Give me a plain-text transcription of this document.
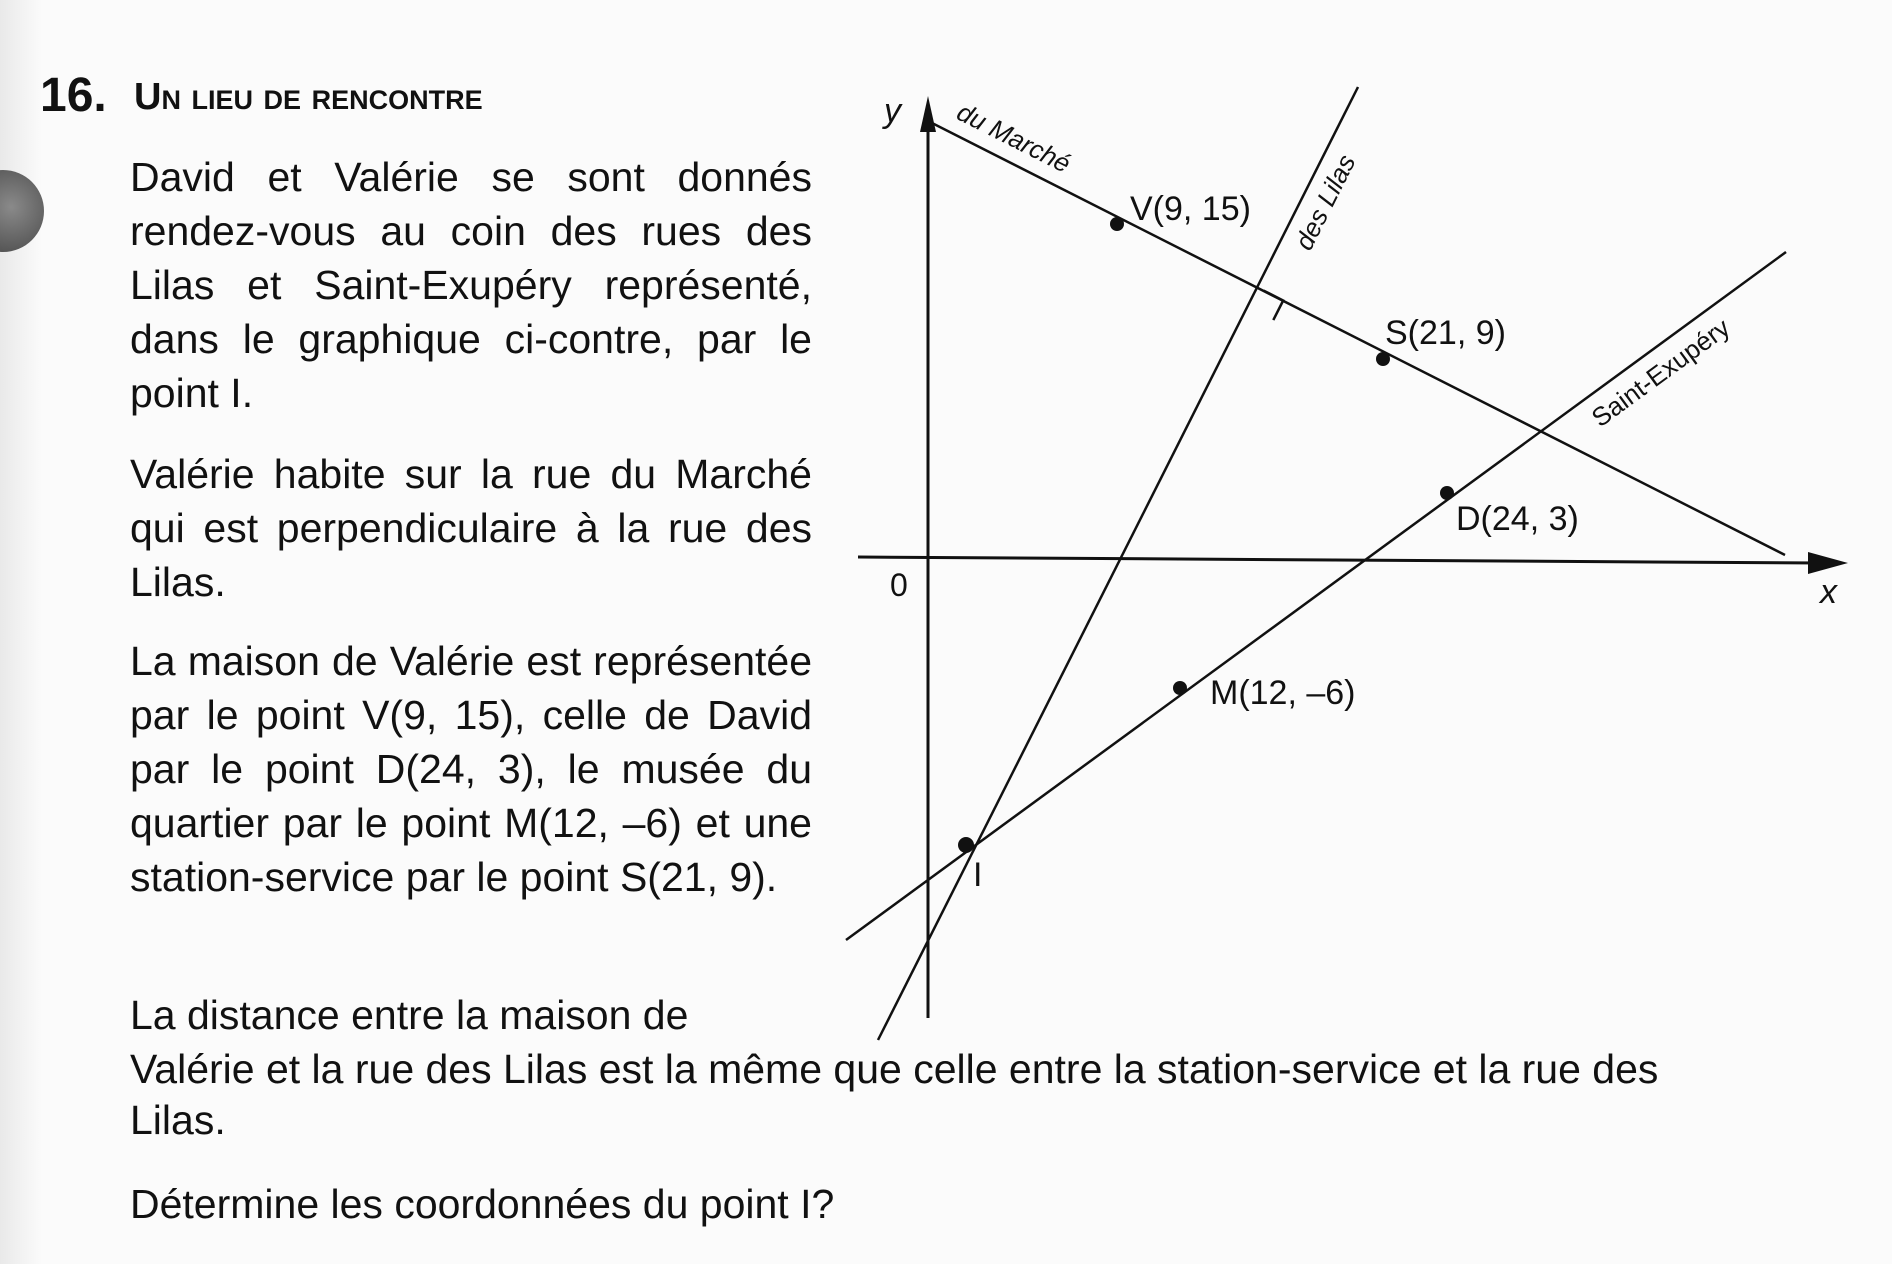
16. Un lieu de rencontre

David et Valérie se sont donnés rendez-vous au coin des rues des Lilas et Saint-Exupéry représenté, dans le graphique ci-contre, par le point I.

Valérie habite sur la rue du Marché qui est perpendiculaire à la rue des Lilas.

La maison de Valérie est représentée par le point V(9, 15), celle de David par le point D(24, 3), le musée du quartier par le point M(12, –6) et une station-service par le point S(21, 9).

La distance entre la maison de

Valérie et la rue des Lilas est la même que celle entre la station-service et la rue des

Lilas.

Détermine les coordonnées du point I?

y
x
0
du Marché
des Lilas
Saint-Exupéry
V(9, 15)
S(21, 9)
D(24, 3)
M(12, –6)
I
